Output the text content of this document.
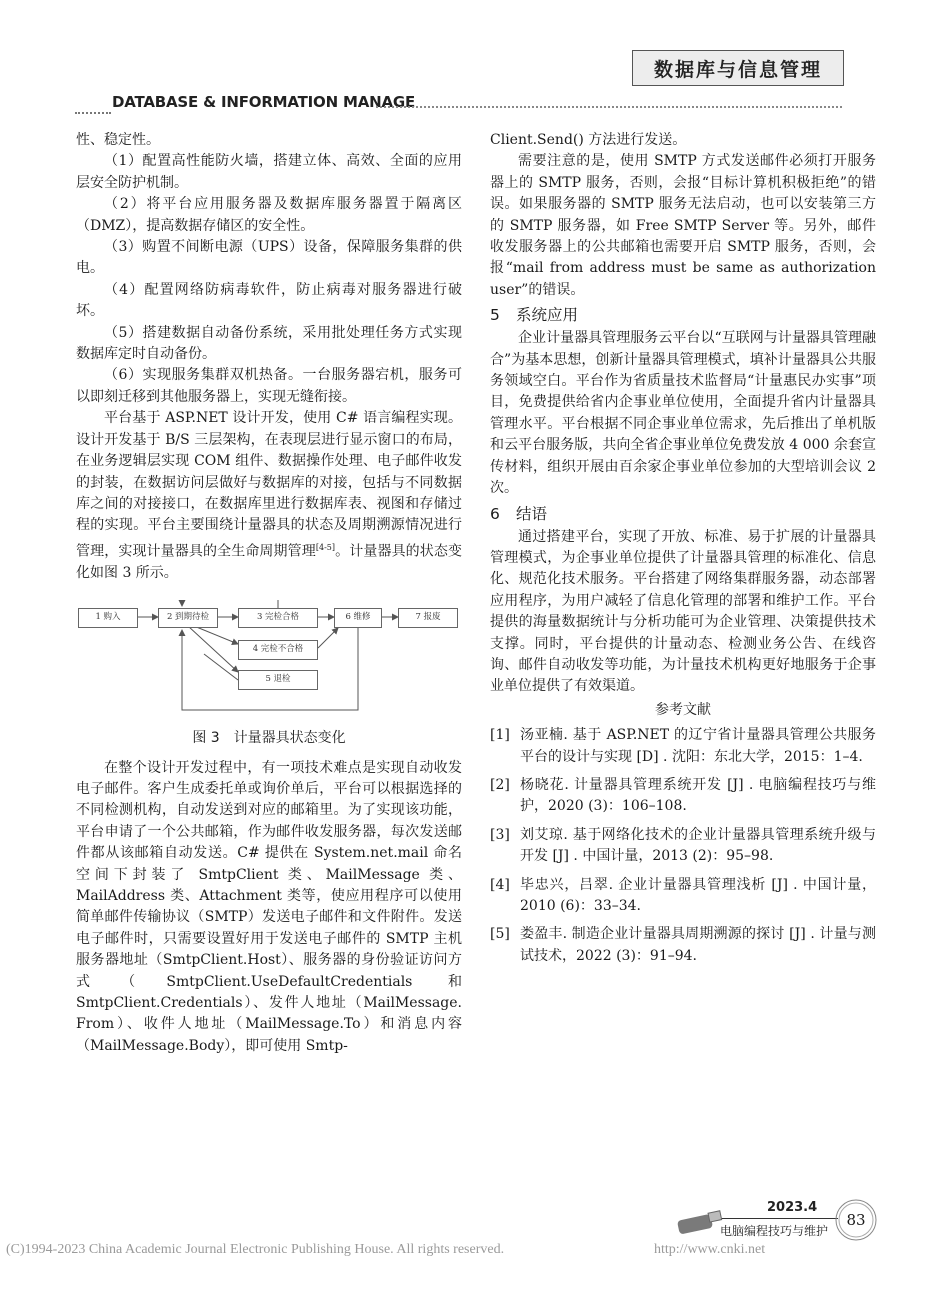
数据库与信息管理
DATABASE & INFORMATION MANAGE

性、稳定性。

（1）配置高性能防火墙，搭建立体、高效、全面的应用层安全防护机制。

（2）将平台应用服务器及数据库服务器置于隔离区（DMZ），提高数据存储区的安全性。

（3）购置不间断电源（UPS）设备，保障服务集群的供电。

（4）配置网络防病毒软件，防止病毒对服务器进行破坏。

（5）搭建数据自动备份系统，采用批处理任务方式实现数据库定时自动备份。

（6）实现服务集群双机热备。一台服务器宕机，服务可以即刻迁移到其他服务器上，实现无缝衔接。

平台基于 ASP.NET 设计开发，使用 C# 语言编程实现。设计开发基于 B/S 三层架构，在表现层进行显示窗口的布局，在业务逻辑层实现 COM 组件、数据操作处理、电子邮件收发的封装，在数据访问层做好与数据库的对接，包括与不同数据库之间的对接接口，在数据库里进行数据库表、视图和存储过程的实现。平台主要围绕计量器具的状态及周期溯源情况进行管理，实现计量器具的全生命周期管理[4-5]。计量器具的状态变化如图 3 所示。

1 购入	2 到期待检	3 完检合格
4 完检不合格
5 退检
6 维修	7 报废

图 3　计量器具状态变化

在整个设计开发过程中，有一项技术难点是实现自动收发电子邮件。客户生成委托单或询价单后，平台可以根据选择的不同检测机构，自动发送到对应的邮箱里。为了实现该功能，平台申请了一个公共邮箱，作为邮件收发服务器，每次发送邮件都从该邮箱自动发送。C# 提供在 System.net.mail 命名空间下封装了 SmtpClient 类、MailMessage 类、MailAddress 类、Attachment 类等，使应用程序可以使用简单邮件传输协议（SMTP）发送电子邮件和文件附件。发送电子邮件时，只需要设置好用于发送电子邮件的 SMTP 主机服务器地址（SmtpClient.Host）、服务器的身份验证访问方式（SmtpClient.UseDefaultCredentials 和 SmtpClient.Credentials）、发件人地址（MailMessage. From）、收件人地址（MailMessage.To）和消息内容（MailMessage.Body），即可使用 Smtp-

Client.Send() 方法进行发送。

需要注意的是，使用 SMTP 方式发送邮件必须打开服务器上的 SMTP 服务，否则，会报“目标计算机积极拒绝”的错误。如果服务器的 SMTP 服务无法启动，也可以安装第三方的 SMTP 服务器，如 Free SMTP Server 等。另外，邮件收发服务器上的公共邮箱也需要开启 SMTP 服务，否则，会报“mail from address must be same as authorization user”的错误。

5 系统应用

企业计量器具管理服务云平台以“互联网与计量器具管理融合”为基本思想，创新计量器具管理模式，填补计量器具公共服务领域空白。平台作为省质量技术监督局“计量惠民办实事”项目，免费提供给省内企事业单位使用，全面提升省内计量器具管理水平。平台根据不同企事业单位需求，先后推出了单机版和云平台服务版，共向全省企事业单位免费发放 4 000 余套宣传材料，组织开展由百余家企事业单位参加的大型培训会议 2 次。

6 结语

通过搭建平台，实现了开放、标准、易于扩展的计量器具管理模式，为企事业单位提供了计量器具管理的标准化、信息化、规范化技术服务。平台搭建了网络集群服务器，动态部署应用程序，为用户减轻了信息化管理的部署和维护工作。平台提供的海量数据统计与分析功能可为企业管理、决策提供技术支撑。同时，平台提供的计量动态、检测业务公告、在线咨询、邮件自动收发等功能，为计量技术机构更好地服务于企事业单位提供了有效渠道。

参考文献

[1] 汤亚楠. 基于 ASP.NET 的辽宁省计量器具管理公共服务平台的设计与实现 [D] . 沈阳：东北大学，2015：1–4.

[2] 杨晓花. 计量器具管理系统开发 [J] . 电脑编程技巧与维护，2020 (3)：106–108.

[3] 刘艾琼. 基于网络化技术的企业计量器具管理系统升级与开发 [J] . 中国计量，2013 (2)：95–98.

[4] 毕忠兴，吕翠. 企业计量器具管理浅析 [J] . 中国计量，2010 (6)：33–34.

[5] 娄盈丰. 制造企业计量器具周期溯源的探讨 [J] . 计量与测试技术，2022 (3)：91–94.

2023.4
电脑编程技巧与维护
83
(C)1994-2023 China Academic Journal Electronic Publishing House. All rights reserved.	http://www.cnki.net
